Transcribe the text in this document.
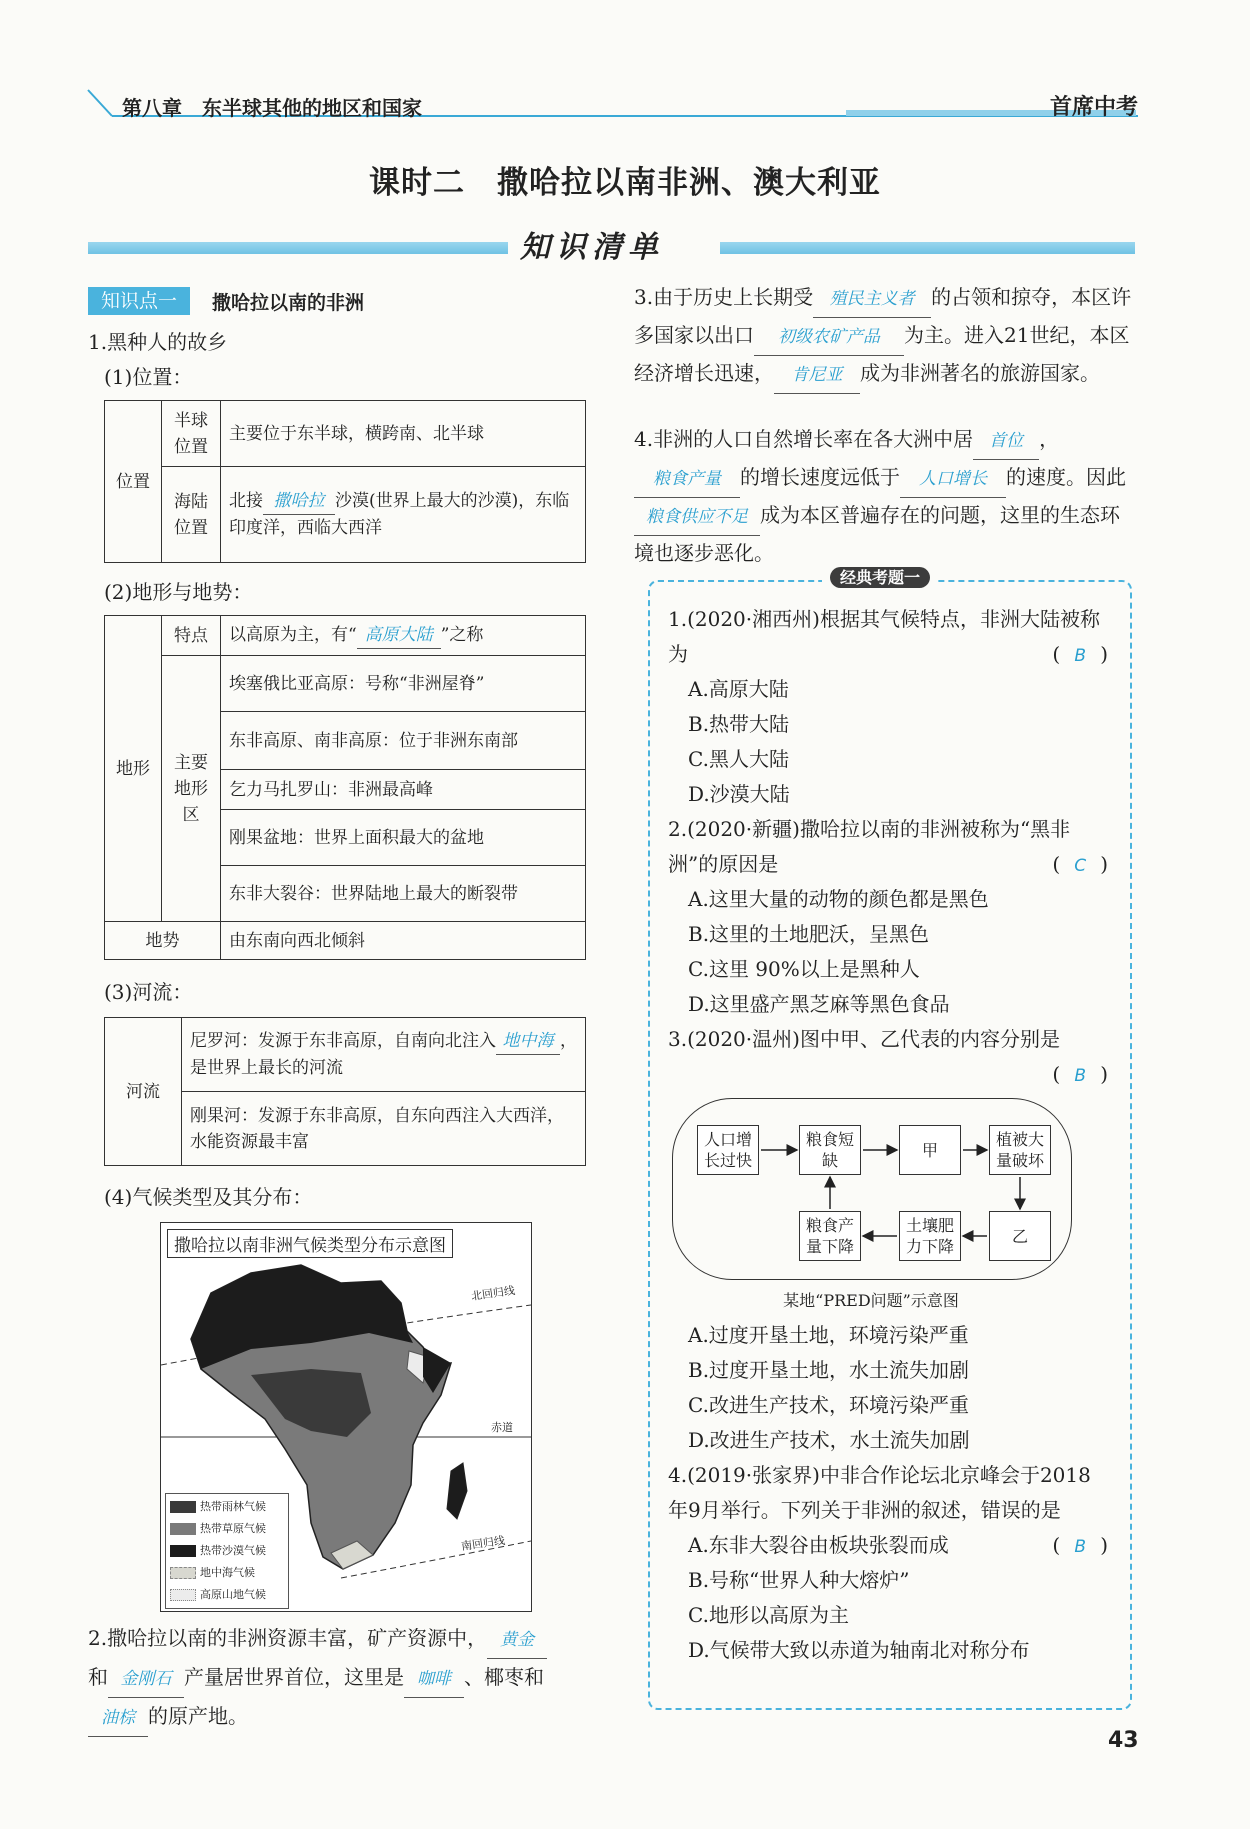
第八章　东半球其他的地区和国家	首席中考
课时二　撒哈拉以南非洲、澳大利亚
知识清单
知识点一	撒哈拉以南的非洲
1.黑种人的故乡
(1)位置：
位置	半球位置	主要位于东半球，横跨南、北半球
	海陆位置	北接 撒哈拉 沙漠(世界上最大的沙漠)，东临印度洋，西临大西洋
(2)地形与地势：
地形	特点	以高原为主，有“ 高原大陆 ”之称
	主要地形区	埃塞俄比亚高原：号称“非洲屋脊”
		东非高原、南非高原：位于非洲东南部
		乞力马扎罗山：非洲最高峰
		刚果盆地：世界上面积最大的盆地
		东非大裂谷：世界陆地上最大的断裂带
地势		由东南向西北倾斜
(3)河流：
河流	尼罗河：发源于东非高原，自南向北注入 地中海 ，是世界上最长的河流
刚果河：发源于东非高原，自东向西注入大西洋，水能资源最丰富
(4)气候类型及其分布：
撒哈拉以南非洲气候类型分布示意图
北回归线
赤道
南回归线
热带雨林气候
热带草原气候
热带沙漠气候
地中海气候
高原山地气候
2.撒哈拉以南的非洲资源丰富，矿产资源中， 黄金
和 金刚石 产量居世界首位，这里是 咖啡 、椰枣和油棕 的原产地。
3.由于历史上长期受 殖民主义者 的占领和掠夺，本区许多国家以出口 初级农矿产品 为主。进入21世纪，本区经济增长迅速， 肯尼亚 成为非洲著名的旅游国家。
4.非洲的人口自然增长率在各大洲中居 首位 ，粮食产量 的增长速度远低于 人口增长 的速度。因此粮食供应不足 成为本区普遍存在的问题，这里的生态环境也逐步恶化。
经典考题一
1.(2020·湘西州)根据其气候特点，非洲大陆被称为	( B )
A.高原大陆
B.热带大陆
C.黑人大陆
D.沙漠大陆
2.(2020·新疆)撒哈拉以南的非洲被称为“黑非洲”的原因是	( C )
A.这里大量的动物的颜色都是黑色
B.这里的土地肥沃，呈黑色
C.这里 90%以上是黑种人
D.这里盛产黑芝麻等黑色食品
3.(2020·温州)图中甲、乙代表的内容分别是
( B )
人口增长过快
粮食短缺
甲
植被大量破坏
乙
土壤肥力下降
粮食产量下降
某地“PRED问题”示意图
A.过度开垦土地，环境污染严重
B.过度开垦土地，水土流失加剧
C.改进生产技术，环境污染严重
D.改进生产技术，水土流失加剧
4.(2019·张家界)中非合作论坛北京峰会于2018年9月举行。下列关于非洲的叙述，错误的是
( B )
A.东非大裂谷由板块张裂而成
B.号称“世界人种大熔炉”
C.地形以高原为主
D.气候带大致以赤道为轴南北对称分布
43
